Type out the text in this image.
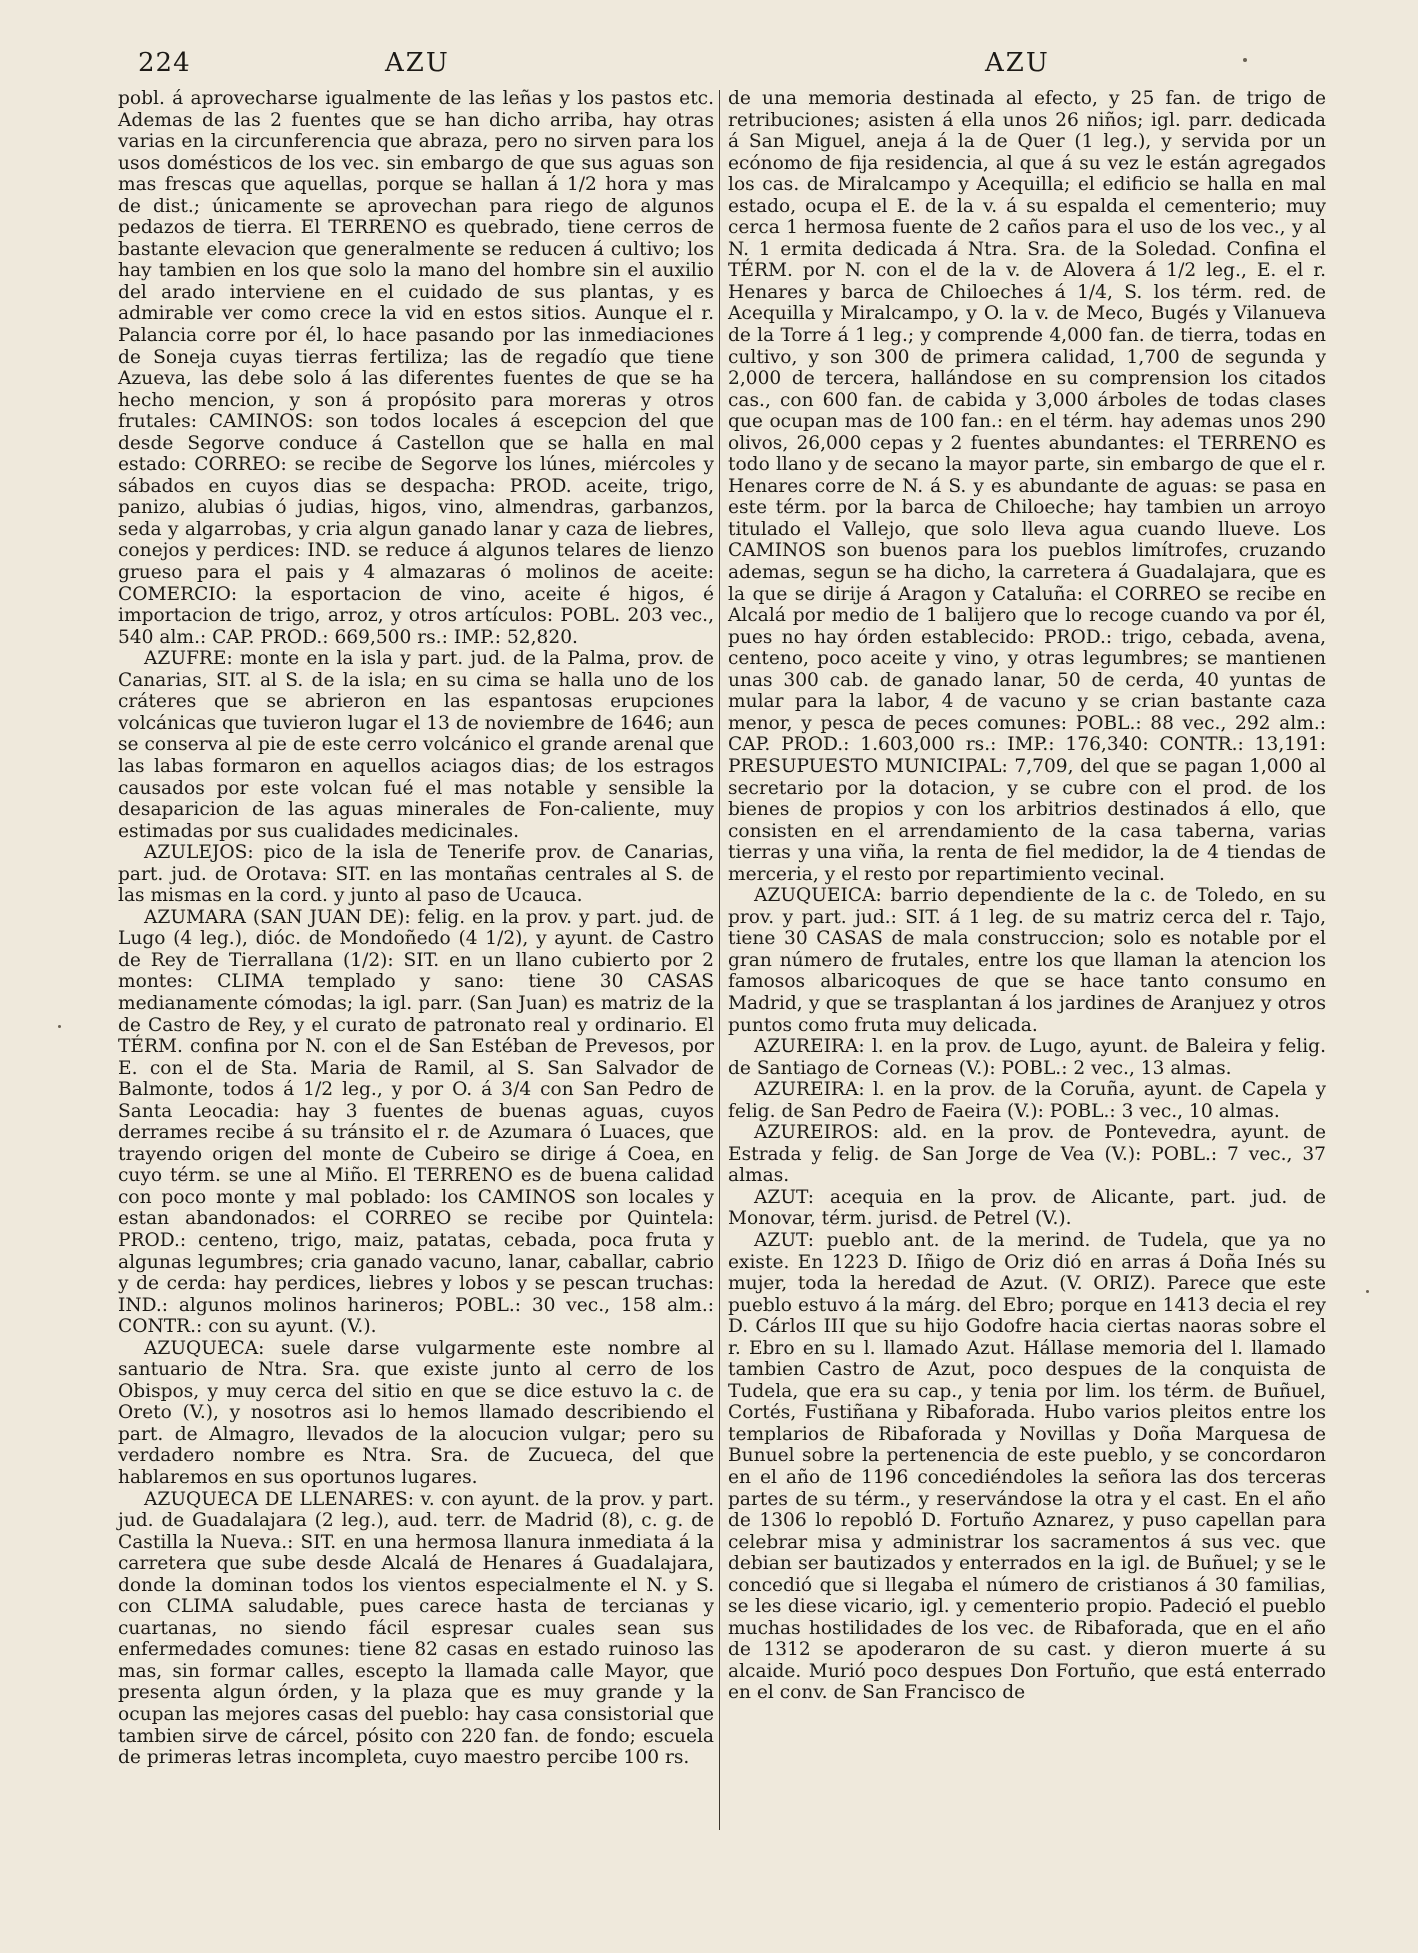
224	AZU	AZU

pobl. á aprovecharse igualmente de las leñas y los pastos etc. Ademas de las 2 fuentes que se han dicho arriba, hay otras varias en la circunferencia que abraza, pero no sirven para los usos domésticos de los vec. sin embargo de que sus aguas son mas frescas que aquellas, porque se hallan á 1/2 hora y mas de dist.; únicamente se aprovechan para riego de algunos pedazos de tierra. El TERRENO es quebrado, tiene cerros de bastante elevacion que generalmente se reducen á cultivo; los hay tambien en los que solo la mano del hombre sin el auxilio del arado interviene en el cuidado de sus plantas, y es admirable ver como crece la vid en estos sitios. Aunque el r. Palancia corre por él, lo hace pasando por las inmediaciones de Soneja cuyas tierras fertiliza; las de regadío que tiene Azueva, las debe solo á las diferentes fuentes de que se ha hecho mencion, y son á propósito para moreras y otros frutales: CAMINOS: son todos locales á escepcion del que desde Segorve conduce á Castellon que se halla en mal estado: CORREO: se recibe de Segorve los lúnes, miércoles y sábados en cuyos dias se despacha: PROD. aceite, trigo, panizo, alubias ó judias, higos, vino, almendras, garbanzos, seda y algarrobas, y cria algun ganado lanar y caza de liebres, conejos y perdices: IND. se reduce á algunos telares de lienzo grueso para el pais y 4 almazaras ó molinos de aceite: COMERCIO: la esportacion de vino, aceite é higos, é importacion de trigo, arroz, y otros artículos: POBL. 203 vec., 540 alm.: CAP. PROD.: 669,500 rs.: IMP.: 52,820.

AZUFRE: monte en la isla y part. jud. de la Palma, prov. de Canarias, SIT. al S. de la isla; en su cima se halla uno de los cráteres que se abrieron en las espantosas erupciones volcánicas que tuvieron lugar el 13 de noviembre de 1646; aun se conserva al pie de este cerro volcánico el grande arenal que las labas formaron en aquellos aciagos dias; de los estragos causados por este volcan fué el mas notable y sensible la desaparicion de las aguas minerales de Fon-caliente, muy estimadas por sus cualidades medicinales.

AZULEJOS: pico de la isla de Tenerife prov. de Canarias, part. jud. de Orotava: SIT. en las montañas centrales al S. de las mismas en la cord. y junto al paso de Ucauca.

AZUMARA (SAN JUAN DE): felig. en la prov. y part. jud. de Lugo (4 leg.), dióc. de Mondoñedo (4 1/2), y ayunt. de Castro de Rey de Tierrallana (1/2): SIT. en un llano cubierto por 2 montes: CLIMA templado y sano: tiene 30 CASAS medianamente cómodas; la igl. parr. (San Juan) es matriz de la de Castro de Rey, y el curato de patronato real y ordinario. El TÉRM. confina por N. con el de San Estéban de Prevesos, por E. con el de Sta. Maria de Ramil, al S. San Salvador de Balmonte, todos á 1/2 leg., y por O. á 3/4 con San Pedro de Santa Leocadia: hay 3 fuentes de buenas aguas, cuyos derrames recibe á su tránsito el r. de Azumara ó Luaces, que trayendo origen del monte de Cubeiro se dirige á Coea, en cuyo térm. se une al Miño. El TERRENO es de buena calidad con poco monte y mal poblado: los CAMINOS son locales y estan abandonados: el CORREO se recibe por Quintela: PROD.: centeno, trigo, maiz, patatas, cebada, poca fruta y algunas legumbres; cria ganado vacuno, lanar, caballar, cabrio y de cerda: hay perdices, liebres y lobos y se pescan truchas: IND.: algunos molinos harineros; POBL.: 30 vec., 158 alm.: CONTR.: con su ayunt. (V.).

AZUQUECA: suele darse vulgarmente este nombre al santuario de Ntra. Sra. que existe junto al cerro de los Obispos, y muy cerca del sitio en que se dice estuvo la c. de Oreto (V.), y nosotros asi lo hemos llamado describiendo el part. de Almagro, llevados de la alocucion vulgar; pero su verdadero nombre es Ntra. Sra. de Zucueca, del que hablaremos en sus oportunos lugares.

AZUQUECA DE LLENARES: v. con ayunt. de la prov. y part. jud. de Guadalajara (2 leg.), aud. terr. de Madrid (8), c. g. de Castilla la Nueva.: SIT. en una hermosa llanura inmediata á la carretera que sube desde Alcalá de Henares á Guadalajara, donde la dominan todos los vientos especialmente el N. y S. con CLIMA saludable, pues carece hasta de tercianas y cuartanas, no siendo fácil espresar cuales sean sus enfermedades comunes: tiene 82 casas en estado ruinoso las mas, sin formar calles, escepto la llamada calle Mayor, que presenta algun órden, y la plaza que es muy grande y la ocupan las mejores casas del pueblo: hay casa consistorial que tambien sirve de cárcel, pósito con 220 fan. de fondo; escuela de primeras letras incompleta, cuyo maestro percibe 100 rs.

de una memoria destinada al efecto, y 25 fan. de trigo de retribuciones; asisten á ella unos 26 niños; igl. parr. dedicada á San Miguel, aneja á la de Quer (1 leg.), y servida por un ecónomo de fija residencia, al que á su vez le están agregados los cas. de Miralcampo y Acequilla; el edificio se halla en mal estado, ocupa el E. de la v. á su espalda el cementerio; muy cerca 1 hermosa fuente de 2 caños para el uso de los vec., y al N. 1 ermita dedicada á Ntra. Sra. de la Soledad. Confina el TÉRM. por N. con el de la v. de Alovera á 1/2 leg., E. el r. Henares y barca de Chiloeches á 1/4, S. los térm. red. de Acequilla y Miralcampo, y O. la v. de Meco, Bugés y Vilanueva de la Torre á 1 leg.; y comprende 4,000 fan. de tierra, todas en cultivo, y son 300 de primera calidad, 1,700 de segunda y 2,000 de tercera, hallándose en su comprension los citados cas., con 600 fan. de cabida y 3,000 árboles de todas clases que ocupan mas de 100 fan.: en el térm. hay ademas unos 290 olivos, 26,000 cepas y 2 fuentes abundantes: el TERRENO es todo llano y de secano la mayor parte, sin embargo de que el r. Henares corre de N. á S. y es abundante de aguas: se pasa en este térm. por la barca de Chiloeche; hay tambien un arroyo titulado el Vallejo, que solo lleva agua cuando llueve. Los CAMINOS son buenos para los pueblos limítrofes, cruzando ademas, segun se ha dicho, la carretera á Guadalajara, que es la que se dirije á Aragon y Cataluña: el CORREO se recibe en Alcalá por medio de 1 balijero que lo recoge cuando va por él, pues no hay órden establecido: PROD.: trigo, cebada, avena, centeno, poco aceite y vino, y otras legumbres; se mantienen unas 300 cab. de ganado lanar, 50 de cerda, 40 yuntas de mular para la labor, 4 de vacuno y se crian bastante caza menor, y pesca de peces comunes: POBL.: 88 vec., 292 alm.: CAP. PROD.: 1.603,000 rs.: IMP.: 176,340: CONTR.: 13,191: PRESUPUESTO MUNICIPAL: 7,709, del que se pagan 1,000 al secretario por la dotacion, y se cubre con el prod. de los bienes de propios y con los arbitrios destinados á ello, que consisten en el arrendamiento de la casa taberna, varias tierras y una viña, la renta de fiel medidor, la de 4 tiendas de merceria, y el resto por repartimiento vecinal.

AZUQUEICA: barrio dependiente de la c. de Toledo, en su prov. y part. jud.: SIT. á 1 leg. de su matriz cerca del r. Tajo, tiene 30 CASAS de mala construccion; solo es notable por el gran número de frutales, entre los que llaman la atencion los famosos albaricoques de que se hace tanto consumo en Madrid, y que se trasplantan á los jardines de Aranjuez y otros puntos como fruta muy delicada.

AZUREIRA: l. en la prov. de Lugo, ayunt. de Baleira y felig. de Santiago de Corneas (V.): POBL.: 2 vec., 13 almas.

AZUREIRA: l. en la prov. de la Coruña, ayunt. de Capela y felig. de San Pedro de Faeira (V.): POBL.: 3 vec., 10 almas.

AZUREIROS: ald. en la prov. de Pontevedra, ayunt. de Estrada y felig. de San Jorge de Vea (V.): POBL.: 7 vec., 37 almas.

AZUT: acequia en la prov. de Alicante, part. jud. de Monovar, térm. jurisd. de Petrel (V.).

AZUT: pueblo ant. de la merind. de Tudela, que ya no existe. En 1223 D. Iñigo de Oriz dió en arras á Doña Inés su mujer, toda la heredad de Azut. (V. ORIZ). Parece que este pueblo estuvo á la márg. del Ebro; porque en 1413 decia el rey D. Cárlos III que su hijo Godofre hacia ciertas naoras sobre el r. Ebro en su l. llamado Azut. Hállase memoria del l. llamado tambien Castro de Azut, poco despues de la conquista de Tudela, que era su cap., y tenia por lim. los térm. de Buñuel, Cortés, Fustiñana y Ribaforada. Hubo varios pleitos entre los templarios de Ribaforada y Novillas y Doña Marquesa de Bunuel sobre la pertenencia de este pueblo, y se concordaron en el año de 1196 concediéndoles la señora las dos terceras partes de su térm., y reservándose la otra y el cast. En el año de 1306 lo repobló D. Fortuño Aznarez, y puso capellan para celebrar misa y administrar los sacramentos á sus vec. que debian ser bautizados y enterrados en la igl. de Buñuel; y se le concedió que si llegaba el número de cristianos á 30 familias, se les diese vicario, igl. y cementerio propio. Padeció el pueblo muchas hostilidades de los vec. de Ribaforada, que en el año de 1312 se apoderaron de su cast. y dieron muerte á su alcaide. Murió poco despues Don Fortuño, que está enterrado en el conv. de San Francisco de
